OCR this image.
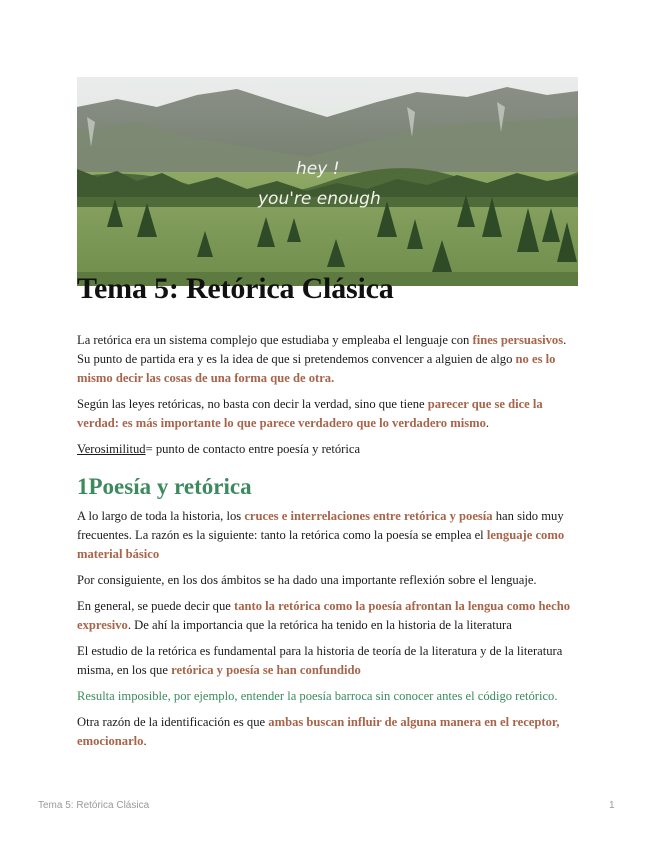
hey !
you're enough
Tema 5: Retórica Clásica

La retórica era un sistema complejo que estudiaba y empleaba el lenguaje con fines persuasivos. Su punto de partida era y es la idea de que si pretendemos convencer a alguien de algo no es lo mismo decir las cosas de una forma que de otra.

Según las leyes retóricas, no basta con decir la verdad, sino que tiene parecer que se dice la verdad: es más importante lo que parece verdadero que lo verdadero mismo.

Verosimilitud= punto de contacto entre poesía y retórica

1Poesía y retórica

A lo largo de toda la historia, los cruces e interrelaciones entre retórica y poesía han sido muy frecuentes. La razón es la siguiente: tanto la retórica como la poesía se emplea el lenguaje como material básico

Por consiguiente, en los dos ámbitos se ha dado una importante reflexión sobre el lenguaje.

En general, se puede decir que tanto la retórica como la poesía afrontan la lengua como hecho expresivo. De ahí la importancia que la retórica ha tenido en la historia de la literatura

El estudio de la retórica es fundamental para la historia de teoría de la literatura y de la literatura misma, en los que retórica y poesía se han confundido

Resulta imposible, por ejemplo, entender la poesía barroca sin conocer antes el código retórico.

Otra razón de la identificación es que ambas buscan influir de alguna manera en el receptor, emocionarlo.

Tema 5: Retórica Clásica	1
